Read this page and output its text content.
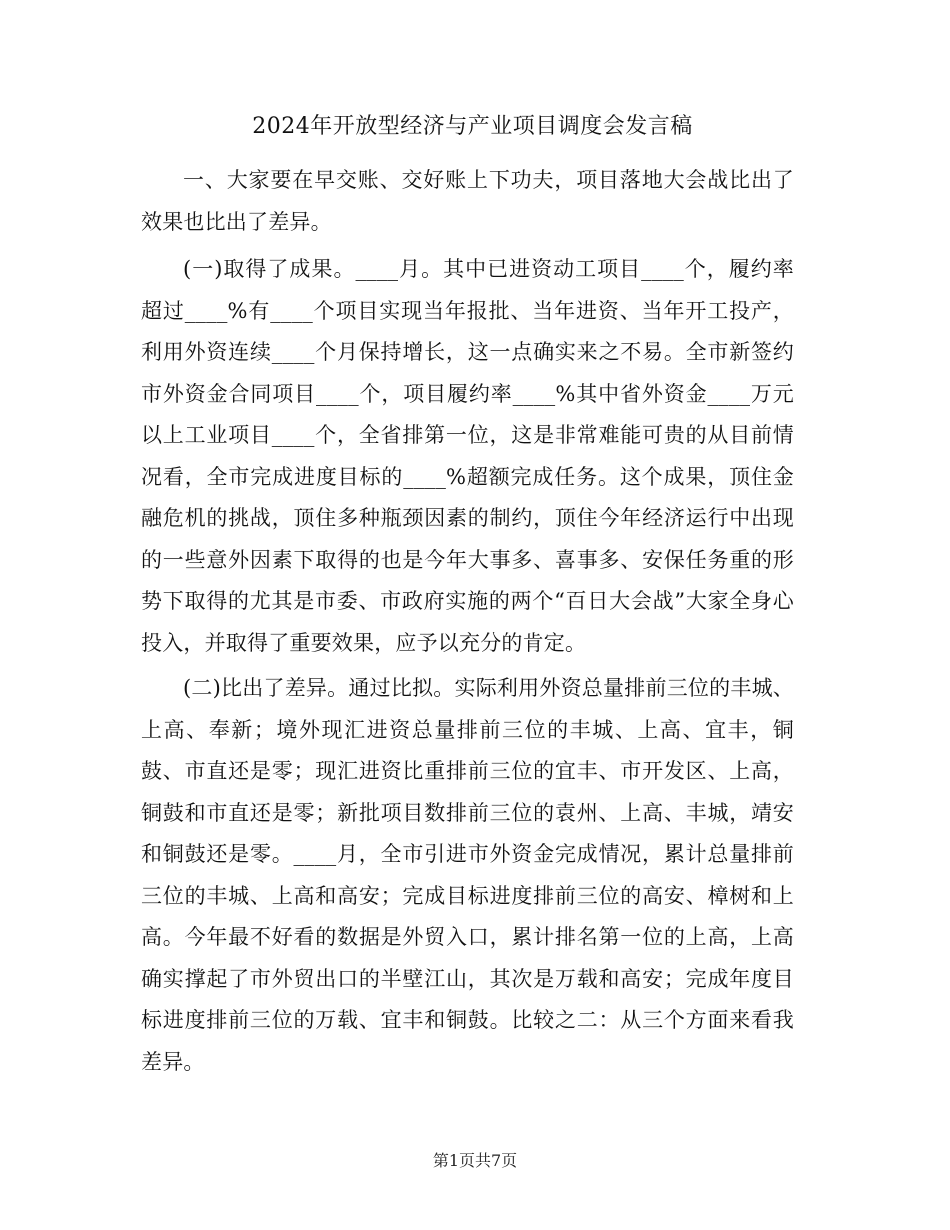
2024年开放型经济与产业项目调度会发言稿

一、大家要在早交账、交好账上下功夫，项目落地大会战比出了效果也比出了差异。

(一)取得了成果。____月。其中已进资动工项目____个，履约率超过____%有____个项目实现当年报批、当年进资、当年开工投产，利用外资连续____个月保持增长，这一点确实来之不易。全市新签约市外资金合同项目____个，项目履约率____%其中省外资金____万元以上工业项目____个，全省排第一位，这是非常难能可贵的从目前情况看，全市完成进度目标的____%超额完成任务。这个成果，顶住金融危机的挑战，顶住多种瓶颈因素的制约，顶住今年经济运行中出现的一些意外因素下取得的也是今年大事多、喜事多、安保任务重的形势下取得的尤其是市委、市政府实施的两个“百日大会战”大家全身心投入，并取得了重要效果，应予以充分的肯定。

(二)比出了差异。通过比拟。实际利用外资总量排前三位的丰城、上高、奉新；境外现汇进资总量排前三位的丰城、上高、宜丰，铜鼓、市直还是零；现汇进资比重排前三位的宜丰、市开发区、上高，铜鼓和市直还是零；新批项目数排前三位的袁州、上高、丰城，靖安和铜鼓还是零。____月，全市引进市外资金完成情况，累计总量排前三位的丰城、上高和高安；完成目标进度排前三位的高安、樟树和上高。今年最不好看的数据是外贸入口，累计排名第一位的上高，上高确实撑起了市外贸出口的半壁江山，其次是万载和高安；完成年度目标进度排前三位的万载、宜丰和铜鼓。比较之二：从三个方面来看我差异。

第1页共7页
